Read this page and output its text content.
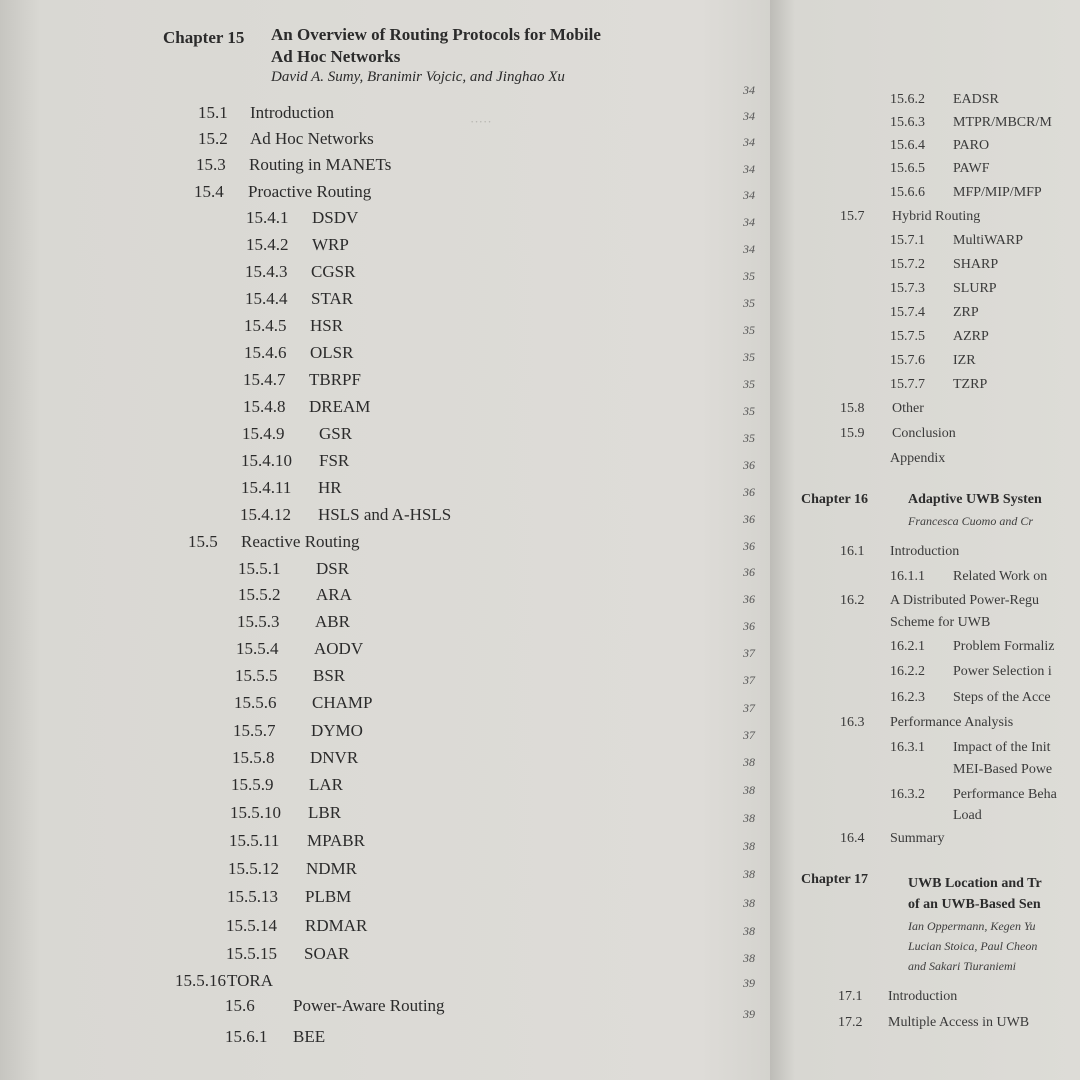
·····
Chapter 15 An Overview of Routing Protocols for Mobile
Ad Hoc Networks
David A. Sumy, Branimir Vojcic, and Jinghao Xu
15.1 Introduction
15.2 Ad Hoc Networks
15.3 Routing in MANETs
15.4 Proactive Routing
15.4.1 DSDV
15.4.2 WRP
15.4.3 CGSR
15.4.4 STAR
15.4.5 HSR
15.4.6 OLSR
15.4.7 TBRPF
15.4.8 DREAM
15.4.9 GSR
15.4.10 FSR
15.4.11 HR
15.4.12 HSLS and A-HSLS
15.5 Reactive Routing
15.5.1 DSR
15.5.2 ARA
15.5.3 ABR
15.5.4 AODV
15.5.5 BSR
15.5.6 CHAMP
15.5.7 DYMO
15.5.8 DNVR
15.5.9 LAR
15.5.10 LBR
15.5.11 MPABR
15.5.12 NDMR
15.5.13 PLBM
15.5.14 RDMAR
15.5.15 SOAR
15.5.16 TORA
15.6 Power-Aware Routing
15.6.1 BEE
34
34
34
34
34
34
34
35
35
35
35
35
35
35
36
36
36
36
36
36
36
37
37
37
37
38
38
38
38
38
38
38
38
39
39
15.6.2 EADSR
15.6.3 MTPR/MBCR/M
15.6.4 PARO
15.6.5 PAWF
15.6.6 MFP/MIP/MFP
15.7 Hybrid Routing
15.7.1 MultiWARP
15.7.2 SHARP
15.7.3 SLURP
15.7.4 ZRP
15.7.5 AZRP
15.7.6 IZR
15.7.7 TZRP
15.8 Other
15.9 Conclusion
Appendix
Chapter 16	Adaptive UWB Systen
Francesca Cuomo and Cr
16.1 Introduction
16.1.1 Related Work on
16.2 A Distributed Power-Regu
Scheme for UWB
16.2.1 Problem Formaliz
16.2.2 Power Selection i
16.2.3 Steps of the Acce
16.3 Performance Analysis
16.3.1 Impact of the Init
MEI-Based Powe
16.3.2 Performance Beha
Load
16.4 Summary
Chapter 17	UWB Location and Tr
of an UWB-Based Sen
Ian Oppermann, Kegen Yu
Lucian Stoica, Paul Cheon
and Sakari Tiuraniemi
17.1 Introduction
17.2 Multiple Access in UWB
